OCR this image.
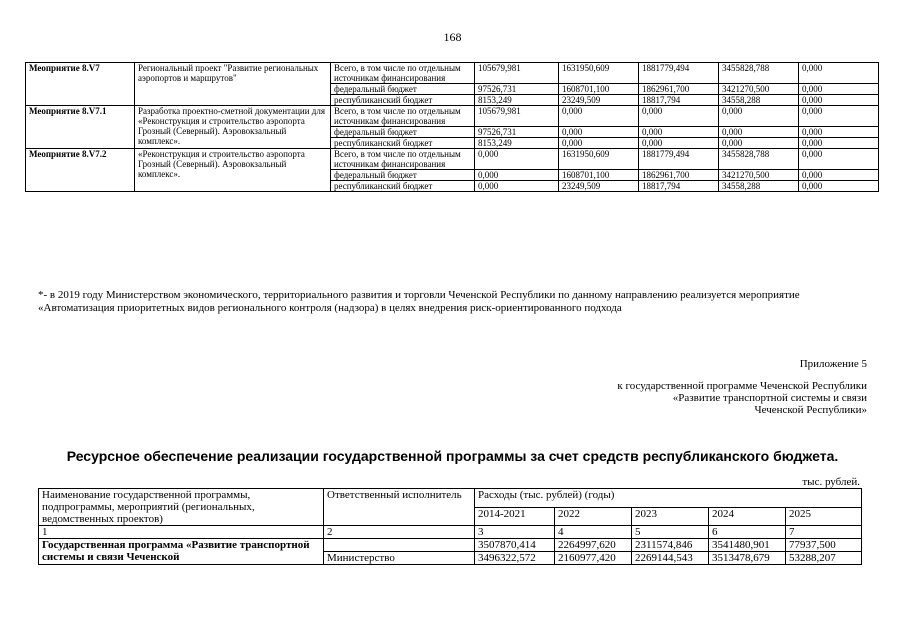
168
Меоприятие 8.V7	Региональный проект "Развитие региональных аэропортов и маршрутов"	Всего, в том числе по отдельным источникам финансирования	105679,981	1631950,609	1881779,494	3455828,788	0,000
		федеральный бюджет	97526,731	1608701,100	1862961,700	3421270,500	0,000
		республиканский бюджет	8153,249	23249,509	18817,794	34558,288	0,000
Меоприятие 8.V7.1	Разработка проектно-сметной документации для «Реконструкция и строительство аэропорта Грозный (Северный). Аэровокзальный комплекс».	Всего, в том числе по отдельным источникам финансирования	105679,981	0,000	0,000	0,000	0,000
		федеральный бюджет	97526,731	0,000	0,000	0,000	0,000
		республиканский бюджет	8153,249	0,000	0,000	0,000	0,000
Меоприятие 8.V7.2	«Реконструкция и строительство аэропорта Грозный (Северный). Аэровокзальный комплекс».	Всего, в том числе по отдельным источникам финансирования	0,000	1631950,609	1881779,494	3455828,788	0,000
		федеральный бюджет	0,000	1608701,100	1862961,700	3421270,500	0,000
		республиканский бюджет	0,000	23249,509	18817,794	34558,288	0,000
*- в 2019 году Министерством экономического, территориального развития и торговли Чеченской Республики по данному направлению реализуется мероприятие «Автоматизация приоритетных видов регионального контроля (надзора) в целях внедрения риск-ориентированного подхода
Приложение 5
к государственной программе Чеченской Республики
«Развитие транспортной системы и связи
Чеченской Республики»
Ресурсное обеспечение реализации государственной программы за счет средств республиканского бюджета.
тыс. рублей.
Наименование государственной программы, подпрограммы, мероприятий (региональных, ведомственных проектов)	Ответственный исполнитель	Расходы (тыс. рублей) (годы)				
		2014-2021	2022	2023	2024	2025
1	2	3	4	5	6	7
Государственная программа «Развитие транспортной системы и связи Чеченской		3507870,414	2264997,620	2311574,846	3541480,901	77937,500
	Министерство	3496322,572	2160977,420	2269144,543	3513478,679	53288,207
